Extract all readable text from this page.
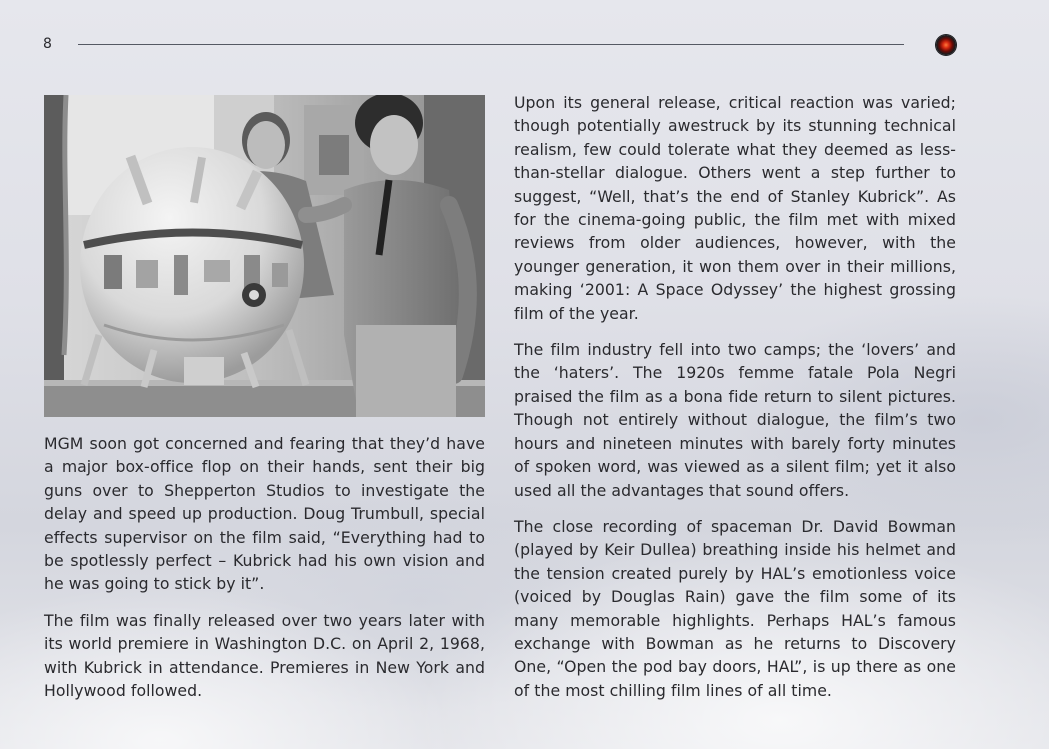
8

MGM soon got concerned and fearing that they’d have a major box-office flop on their hands, sent their big guns over to Shepperton Studios to investigate the delay and speed up production. Doug Trumbull, special effects supervisor on the film said, “Everything had to be spotlessly perfect – Kubrick had his own vision and he was going to stick by it”.

The film was finally released over two years later with its world premiere in Washington D.C. on April 2, 1968, with Kubrick in attendance. Premieres in New York and Hollywood followed.

Upon its general release, critical reaction was varied; though potentially awestruck by its stunning technical realism, few could tolerate what they deemed as less-than-stellar dialogue. Others went a step further to suggest, “Well, that’s the end of Stanley Kubrick”. As for the cinema-going public, the film met with mixed reviews from older audiences, however, with the younger generation, it won them over in their millions, making ‘2001: A Space Odyssey’ the highest grossing film of the year.

The film industry fell into two camps; the ‘lovers’ and the ‘haters’. The 1920s femme fatale Pola Negri praised the film as a bona fide return to silent pictures. Though not entirely without dialogue, the film’s two hours and nineteen minutes with barely forty minutes of spoken word, was viewed as a silent film; yet it also used all the advantages that sound offers.

The close recording of spaceman Dr. David Bowman (played by Keir Dullea) breathing inside his helmet and the tension created purely by HAL’s emotionless voice (voiced by Douglas Rain) gave the film some of its many memorable highlights. Perhaps HAL’s famous exchange with Bowman as he returns to Discovery One, “Open the pod bay doors, HAL”, is up there as one of the most chilling film lines of all time.
